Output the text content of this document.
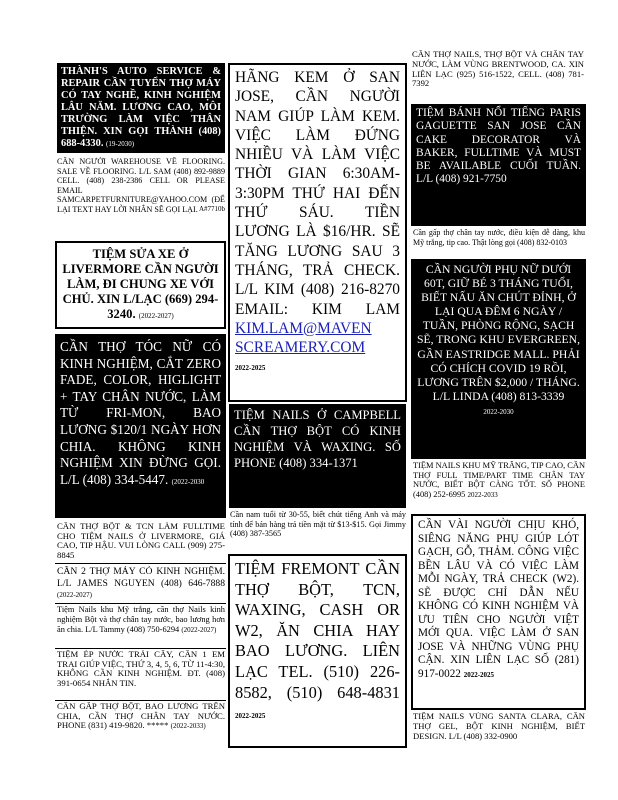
THÀNH'S AUTO SERVICE & REPAIR CẦN TUYỂN THỢ MÁY CÓ TAY NGHỀ, KINH NGHIỆM LÂU NĂM. LƯƠNG CAO, MÔI TRƯỜNG LÀM VIỆC THÂN THIỆN. XIN GỌI THÀNH (408) 688-4330. (19-2030)
CẦN NGƯỜI WAREHOUSE VỀ FLOORING. SALE VỀ FLOORING. L/L SAM (408) 892-9889 CELL. (408) 238-2386 CELL OR PLEASE EMAIL SAMCARPETFURNITURE@YAHOO.COM (ĐỂ LẠI TEXT HAY LỜI NHẮN SẼ GỌI LẠI. A#7710b
TIỆM SỬA XE Ở LIVERMORE CẦN NGƯỜI LÀM, ĐI CHUNG XE VỚI CHỦ. XIN L/LẠC (669) 294-3240. (2022-2027)
CẦN THỢ TÓC NỮ CÓ KINH NGHIỆM, CẮT ZERO FADE, COLOR, HIGLIGHT + TAY CHÂN NƯỚC, LÀM TỪ FRI-MON, BAO LƯƠNG $120/1 NGÀY HƠN CHIA. KHÔNG KINH NGHIỆM XIN ĐỪNG GỌI. L/L (408) 334-5447. (2022-2030
CẦN THỢ BỘT & TCN LÀM FULLTIME CHO TIỆM NAILS Ở LIVERMORE, GIÁ CAO, TIP HẬU. VUI LÒNG CALL (909) 275-8845
CẦN 2 THỢ MÁY CÓ KINH NGHIỆM. L/L JAMES NGUYEN (408) 646-7888 (2022-2027)
Tiệm Nails khu Mỹ trắng, cần thợ Nails kinh nghiệm Bột và thợ chân tay nước, bao lương hơn ăn chia. L/L Tammy (408) 750-6294 (2022-2027)
TIỆM ÉP NƯỚC TRÁI CÂY, CẦN 1 EM TRAI GIÚP VIỆC, THỨ 3, 4, 5, 6, TỪ 11-4:30, KHÔNG CẦN KINH NGHIỆM. ĐT. (408) 391-0654 NHẮN TIN.
CẦN GẤP THỢ BỘT, BAO LƯƠNG TRÊN CHIA, CẦN THỢ CHÂN TAY NƯỚC. PHONE (831) 419-9820. ***** (2022-2033)
HÃNG KEM Ở SAN JOSE, CẦN NGƯỜI NAM GIÚP LÀM KEM. VIỆC LÀM ĐỨNG NHIỀU VÀ LÀM VIỆC THỜI GIAN 6:30AM-3:30PM THỨ HAI ĐẾN THỨ SÁU. TIỀN LƯƠNG LÀ $16/HR. SẼ TĂNG LƯƠNG SAU 3 THÁNG, TRẢ CHECK. L/L KIM (408) 216-8270 EMAIL: KIM LAM KIM.LAM@MAVEN SCREAMERY.COM
2022-2025
TIỆM NAILS Ở CAMPBELL CẦN THỢ BỘT CÓ KINH NGHIỆM VÀ WAXING. SỐ PHONE (408) 334-1371
Cần nam tuổi từ 30-55, biết chút tiếng Anh và máy tính để bán hàng trả tiền mặt từ $13-$15. Gọi Jimmy (408) 387-3565
TIỆM FREMONT CẦN THỢ BỘT, TCN, WAXING, CASH OR W2, ĂN CHIA HAY BAO LƯƠNG. LIÊN LẠC TEL. (510) 226-8582, (510) 648-4831 2022-2025
CẦN THỢ NAILS, THỢ BỘT VÀ CHÂN TAY NƯỚC, LÀM VÙNG BRENTWOOD, CA. XIN LIÊN LẠC (925) 516-1522, CELL. (408) 781-7392
TIỆM BÁNH NỔI TIẾNG PARIS GAGUETTE SAN JOSE CẦN CAKE DECORATOR VÀ BAKER, FULLTIME VÀ MUST BE AVAILABLE CUỐI TUẦN. L/L (408) 921-7750
Cần gấp thợ chân tay nước, điều kiện dễ dàng, khu Mỹ trắng, tip cao. Thật lòng gọi (408) 832-0103
CẦN NGƯỜI PHỤ NỮ DƯỚI 60T, GIỮ BÉ 3 THÁNG TUỔI, BIẾT NẤU ĂN CHÚT ĐỈNH, Ở LẠI QUA ĐÊM 6 NGÀY / TUẦN, PHÒNG RỘNG, SẠCH SẼ, TRONG KHU EVERGREEN, GẦN EASTRIDGE MALL. PHẢI CÓ CHÍCH COVID 19 RỒI, LƯƠNG TRÊN $2,000 / THÁNG. L/L LINDA (408) 813-3339
2022-2030
TIỆM NAILS KHU MỸ TRẮNG, TIP CAO, CẦN THỢ FULL TIME/PART TIME CHÂN TAY NƯỚC, BIẾT BỘT CÀNG TỐT. SỐ PHONE (408) 252-6995 2022-2033
CẦN VÀI NGƯỜI CHỊU KHÓ, SIÊNG NĂNG PHỤ GIÚP LÓT GẠCH, GỖ, THẢM. CÔNG VIỆC BỀN LÂU VÀ CÓ VIỆC LÀM MỖI NGÀY, TRẢ CHECK (W2). SẼ ĐƯỢC CHỈ DẪN NẾU KHÔNG CÓ KINH NGHIỆM VÀ ƯU TIÊN CHO NGƯỜI VIỆT MỚI QUA. VIỆC LÀM Ở SAN JOSE VÀ NHỮNG VÙNG PHỤ CẬN. XIN LIÊN LẠC SỐ (281) 917-0022 2022-2025
TIỆM NAILS VÙNG SANTA CLARA, CẦN THỢ GEL, BỘT KINH NGHIỆM, BIẾT DESIGN. L/L (408) 332-0900
